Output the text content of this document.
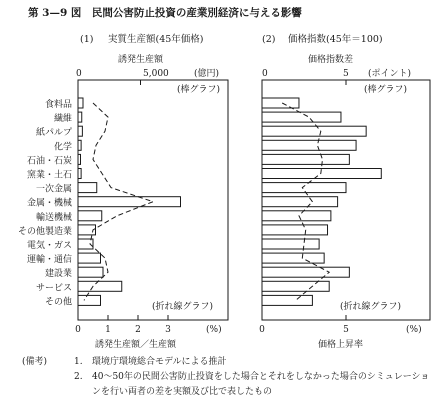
第 3—9 図　民間公害防止投資の産業別経済に与える影響
(1) 実質生産額(45年価格)
誘発生産額
0	5,000	(億円)
(棒グラフ)
(折れ線グラフ)
食料品
繊維
紙パルプ
化学
石油・石炭
窯業・土石
一次金属
金属・機械
輸送機械
その他製造業
電気・ガス
運輸・通信
建設業
サービス
その他
0	1	2	3	(%)
誘発生産額／生産額
(2) 価格指数(45年＝100)
価格指数差
0	5 (ポイント)
(棒グラフ)
(折れ線グラフ)
0	5	(%)
価格上昇率
(備考)	1.	環境庁環境総合モデルによる推計
2.	40～50年の民間公害防止投資をした場合とそれをしなかった場合のシミュレーションを行い両者の差を実額及び比で表したもの
